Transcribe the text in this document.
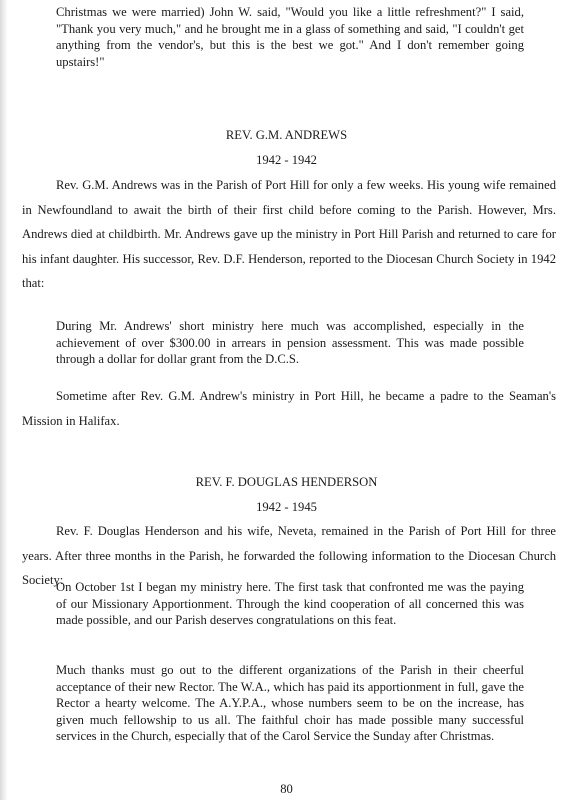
Christmas we were married) John W. said, "Would you like a little refreshment?" I said, "Thank you very much," and he brought me in a glass of something and said, "I couldn't get anything from the vendor's, but this is the best we got." And I don't remember going upstairs!"

REV. G.M. ANDREWS
1942 - 1942

Rev. G.M. Andrews was in the Parish of Port Hill for only a few weeks. His young wife remained in Newfoundland to await the birth of their first child before coming to the Parish. However, Mrs. Andrews died at childbirth. Mr. Andrews gave up the ministry in Port Hill Parish and returned to care for his infant daughter. His successor, Rev. D.F. Henderson, reported to the Diocesan Church Society in 1942 that:

During Mr. Andrews' short ministry here much was accomplished, especially in the achievement of over $300.00 in arrears in pension assessment. This was made possible through a dollar for dollar grant from the D.C.S.

Sometime after Rev. G.M. Andrew's ministry in Port Hill, he became a padre to the Seaman's Mission in Halifax.

REV. F. DOUGLAS HENDERSON
1942 - 1945

Rev. F. Douglas Henderson and his wife, Neveta, remained in the Parish of Port Hill for three years. After three months in the Parish, he forwarded the following information to the Diocesan Church Society:

On October 1st I began my ministry here. The first task that confronted me was the paying of our Missionary Apportionment. Through the kind cooperation of all concerned this was made possible, and our Parish deserves congratulations on this feat.

Much thanks must go out to the different organizations of the Parish in their cheerful acceptance of their new Rector. The W.A., which has paid its apportionment in full, gave the Rector a hearty welcome. The A.Y.P.A., whose numbers seem to be on the increase, has given much fellowship to us all. The faithful choir has made possible many successful services in the Church, especially that of the Carol Service the Sunday after Christmas.

80
